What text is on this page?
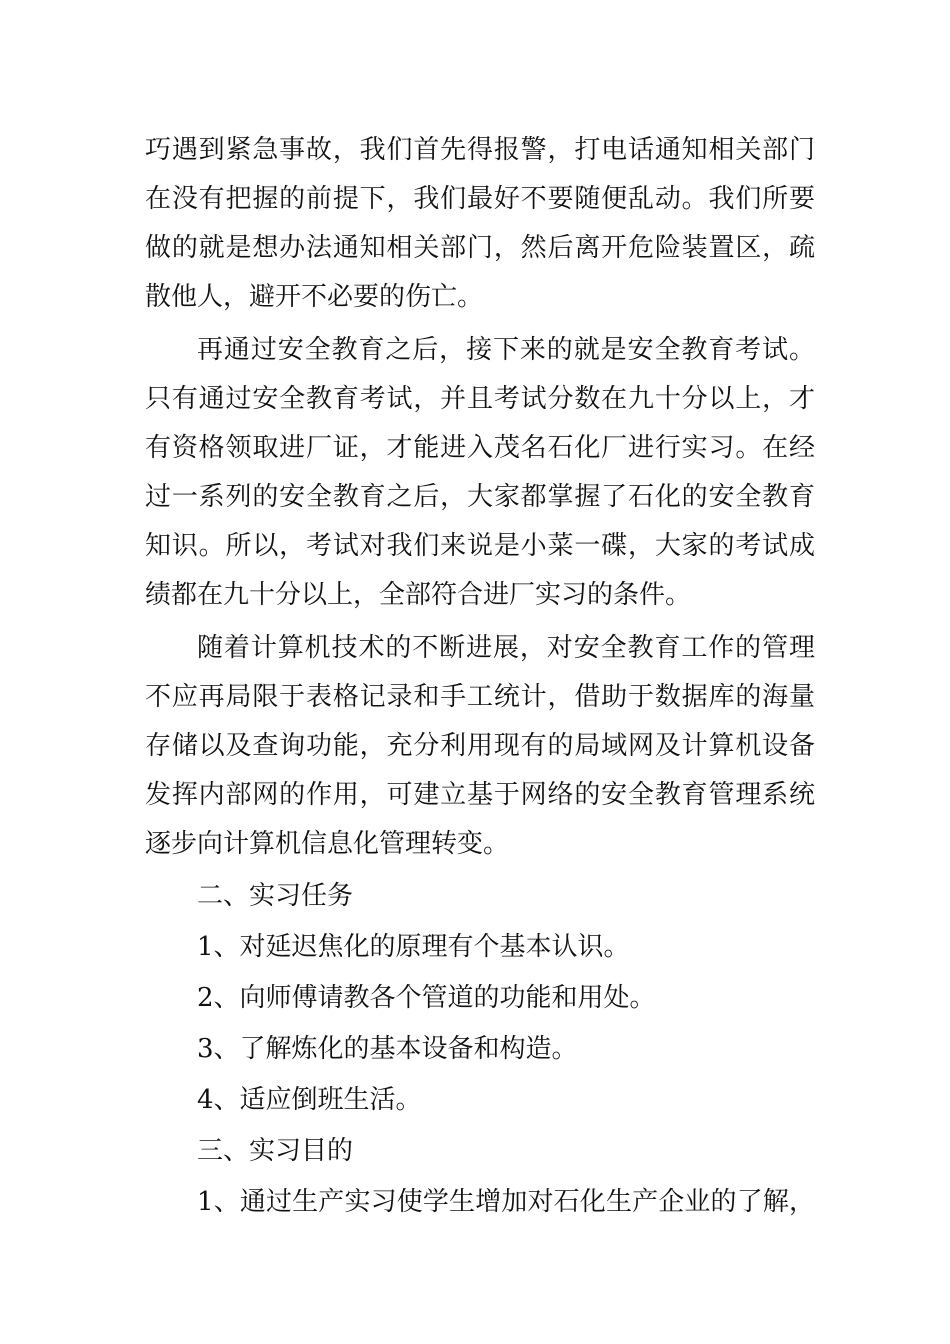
巧遇到紧急事故，我们首先得报警，打电话通知相关部门
在没有把握的前提下，我们最好不要随便乱动。我们所要
做的就是想办法通知相关部门，然后离开危险装置区，疏
散他人，避开不必要的伤亡。
再通过安全教育之后，接下来的就是安全教育考试。
只有通过安全教育考试，并且考试分数在九十分以上，才
有资格领取进厂证，才能进入茂名石化厂进行实习。在经
过一系列的安全教育之后，大家都掌握了石化的安全教育
知识。所以，考试对我们来说是小菜一碟，大家的考试成
绩都在九十分以上，全部符合进厂实习的条件。
随着计算机技术的不断进展，对安全教育工作的管理
不应再局限于表格记录和手工统计，借助于数据库的海量
存储以及查询功能，充分利用现有的局域网及计算机设备
发挥内部网的作用，可建立基于网络的安全教育管理系统
逐步向计算机信息化管理转变。
二、实习任务
1、对延迟焦化的原理有个基本认识。
2、向师傅请教各个管道的功能和用处。
3、了解炼化的基本设备和构造。
4、适应倒班生活。
三、实习目的
1、通过生产实习使学生增加对石化生产企业的了解，
